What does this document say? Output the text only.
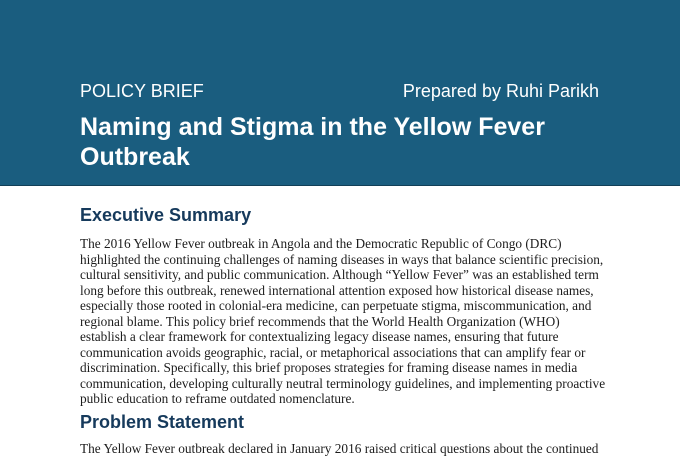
POLICY BRIEF	Prepared by Ruhi Parikh
Naming and Stigma in the Yellow Fever Outbreak
Executive Summary

The 2016 Yellow Fever outbreak in Angola and the Democratic Republic of Congo (DRC) highlighted the continuing challenges of naming diseases in ways that balance scientific precision, cultural sensitivity, and public communication. Although “Yellow Fever” was an established term long before this outbreak, renewed international attention exposed how historical disease names, especially those rooted in colonial-era medicine, can perpetuate stigma, miscommunication, and regional blame. This policy brief recommends that the World Health Organization (WHO) establish a clear framework for contextualizing legacy disease names, ensuring that future communication avoids geographic, racial, or metaphorical associations that can amplify fear or discrimination. Specifically, this brief proposes strategies for framing disease names in media communication, developing culturally neutral terminology guidelines, and implementing proactive public education to reframe outdated nomenclature.

Problem Statement

The Yellow Fever outbreak declared in January 2016 raised critical questions about the continued
